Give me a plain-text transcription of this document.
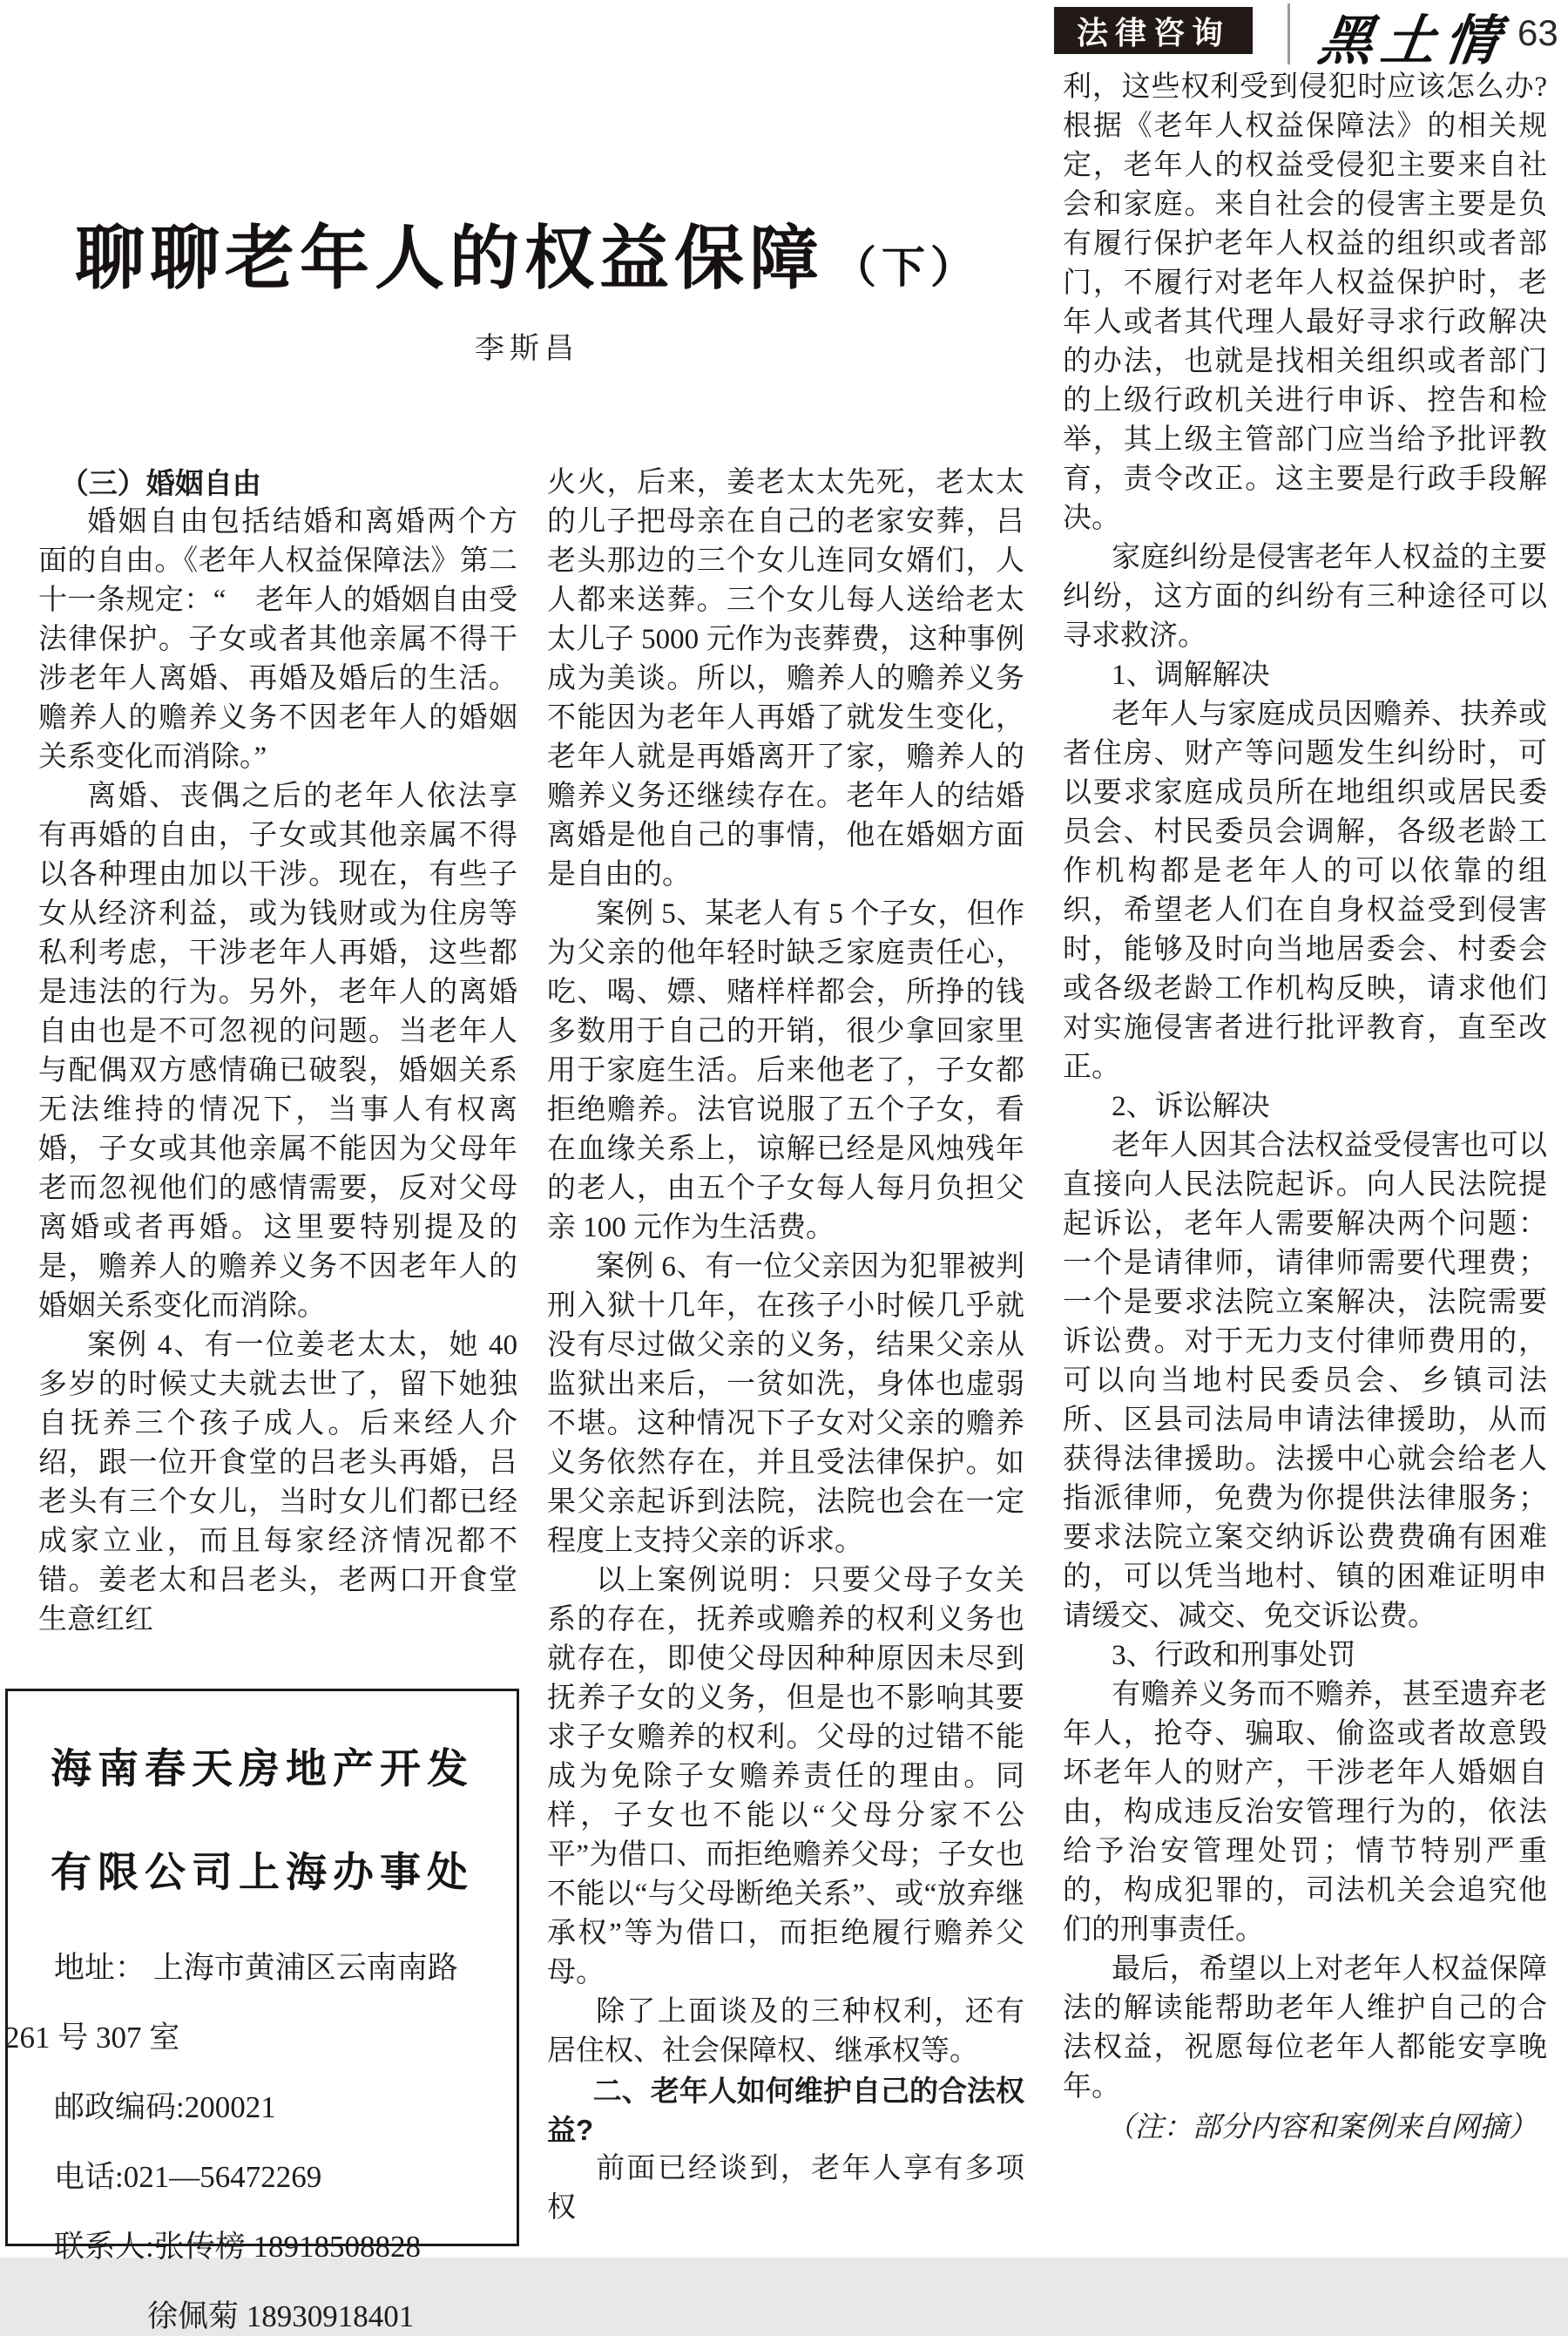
法律咨询 黑土情 63
聊聊老年人的权益保障 （下）
李斯昌

（三）婚姻自由

婚姻自由包括结婚和离婚两个方面的自由。《老年人权益保障法》第二十一条规定：“　老年人的婚姻自由受法律保护。子女或者其他亲属不得干涉老年人离婚、再婚及婚后的生活。赡养人的赡养义务不因老年人的婚姻关系变化而消除。”

离婚、丧偶之后的老年人依法享有再婚的自由，子女或其他亲属不得以各种理由加以干涉。现在，有些子女从经济利益，或为钱财或为住房等私利考虑，干涉老年人再婚，这些都是违法的行为。另外，老年人的离婚自由也是不可忽视的问题。当老年人与配偶双方感情确已破裂，婚姻关系无法维持的情况下，当事人有权离婚，子女或其他亲属不能因为父母年老而忽视他们的感情需要，反对父母离婚或者再婚。这里要特别提及的是，赡养人的赡养义务不因老年人的婚姻关系变化而消除。

案例 4、有一位姜老太太，她 40 多岁的时候丈夫就去世了，留下她独自抚养三个孩子成人。后来经人介绍，跟一位开食堂的吕老头再婚，吕老头有三个女儿，当时女儿们都已经成家立业，而且每家经济情况都不错。姜老太和吕老头，老两口开食堂生意红红

火火，后来，姜老太太先死，老太太的儿子把母亲在自己的老家安葬，吕老头那边的三个女儿连同女婿们，人人都来送葬。三个女儿每人送给老太太儿子 5000 元作为丧葬费，这种事例成为美谈。所以，赡养人的赡养义务不能因为老年人再婚了就发生变化，老年人就是再婚离开了家，赡养人的赡养义务还继续存在。老年人的结婚离婚是他自己的事情，他在婚姻方面是自由的。

案例 5、某老人有 5 个子女，但作为父亲的他年轻时缺乏家庭责任心，吃、喝、嫖、赌样样都会，所挣的钱多数用于自己的开销，很少拿回家里用于家庭生活。后来他老了，子女都拒绝赡养。法官说服了五个子女，看在血缘关系上，谅解已经是风烛残年的老人，由五个子女每人每月负担父亲 100 元作为生活费。

案例 6、有一位父亲因为犯罪被判刑入狱十几年，在孩子小时候几乎就没有尽过做父亲的义务，结果父亲从监狱出来后，一贫如洗，身体也虚弱不堪。这种情况下子女对父亲的赡养义务依然存在，并且受法律保护。如果父亲起诉到法院，法院也会在一定程度上支持父亲的诉求。

以上案例说明：只要父母子女关系的存在，抚养或赡养的权利义务也就存在，即使父母因种种原因未尽到抚养子女的义务，但是也不影响其要求子女赡养的权利。父母的过错不能成为免除子女赡养责任的理由。同样，子女也不能以“父母分家不公平”为借口、而拒绝赡养父母；子女也不能以“与父母断绝关系”、或“放弃继承权”等为借口，而拒绝履行赡养父母。

除了上面谈及的三种权利，还有居住权、社会保障权、继承权等。

二、老年人如何维护自己的合法权益?

前面已经谈到，老年人享有多项权

利，这些权利受到侵犯时应该怎么办?根据《老年人权益保障法》的相关规定，老年人的权益受侵犯主要来自社会和家庭。来自社会的侵害主要是负有履行保护老年人权益的组织或者部门，不履行对老年人权益保护时，老年人或者其代理人最好寻求行政解决的办法，也就是找相关组织或者部门的上级行政机关进行申诉、控告和检举，其上级主管部门应当给予批评教育，责令改正。这主要是行政手段解决。

家庭纠纷是侵害老年人权益的主要纠纷，这方面的纠纷有三种途径可以寻求救济。

1、调解解决

老年人与家庭成员因赡养、扶养或者住房、财产等问题发生纠纷时，可以要求家庭成员所在地组织或居民委员会、村民委员会调解，各级老龄工作机构都是老年人的可以依靠的组织，希望老人们在自身权益受到侵害时，能够及时向当地居委会、村委会或各级老龄工作机构反映，请求他们对实施侵害者进行批评教育，直至改正。

2、诉讼解决

老年人因其合法权益受侵害也可以直接向人民法院起诉。向人民法院提起诉讼，老年人需要解决两个问题：一个是请律师，请律师需要代理费；一个是要求法院立案解决，法院需要诉讼费。对于无力支付律师费用的，可以向当地村民委员会、乡镇司法所、区县司法局申请法律援助，从而获得法律援助。法援中心就会给老人指派律师，免费为你提供法律服务；要求法院立案交纳诉讼费费确有困难的，可以凭当地村、镇的困难证明申请缓交、减交、免交诉讼费。

3、行政和刑事处罚

有赡养义务而不赡养，甚至遗弃老年人，抢夺、骗取、偷盗或者故意毁坏老年人的财产，干涉老年人婚姻自由，构成违反治安管理行为的，依法给予治安管理处罚；情节特别严重的，构成犯罪的，司法机关会追究他们的刑事责任。

最后，希望以上对老年人权益保障法的解读能帮助老年人维护自己的合法权益，祝愿每位老年人都能安享晚年。

（注：部分内容和案例来自网摘）

海南春天房地产开发

有限公司上海办事处

地址： 上海市黄浦区云南南路

261 号 307 室

邮政编码:200021

电话:021—56472269

联系人:张传榜 18918508828

徐佩菊 18930918401
